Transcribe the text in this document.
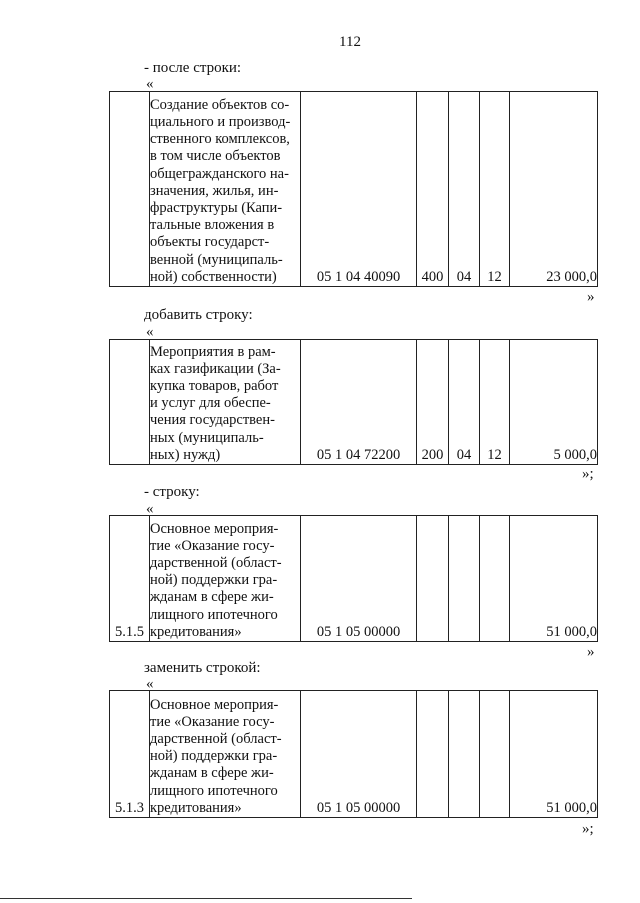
112
- после строки:
«
	Создание объектов со-
циального и производ-
ственного комплексов,
в том числе объектов
общегражданского на-
значения, жилья, ин-
фраструктуры (Капи-
тальные вложения в
объекты государст-
венной (муниципаль-
ной) собственности)	05 1 04 40090	400	04	12	23 000,0
»
добавить строку:
«
	Мероприятия в рам-
ках газификации (За-
купка товаров, работ
и услуг для обеспе-
чения государствен-
ных (муниципаль-
ных) нужд)	05 1 04 72200	200	04	12	5 000,0
»;
- строку:
«
5.1.5	Основное мероприя-
тие «Оказание госу-
дарственной (област-
ной) поддержки гра-
жданам в сфере жи-
лищного ипотечного
кредитования»	05 1 05 00000				51 000,0
»
заменить строкой:
«
5.1.3	Основное мероприя-
тие «Оказание госу-
дарственной (област-
ной) поддержки гра-
жданам в сфере жи-
лищного ипотечного
кредитования»	05 1 05 00000				51 000,0
»;
